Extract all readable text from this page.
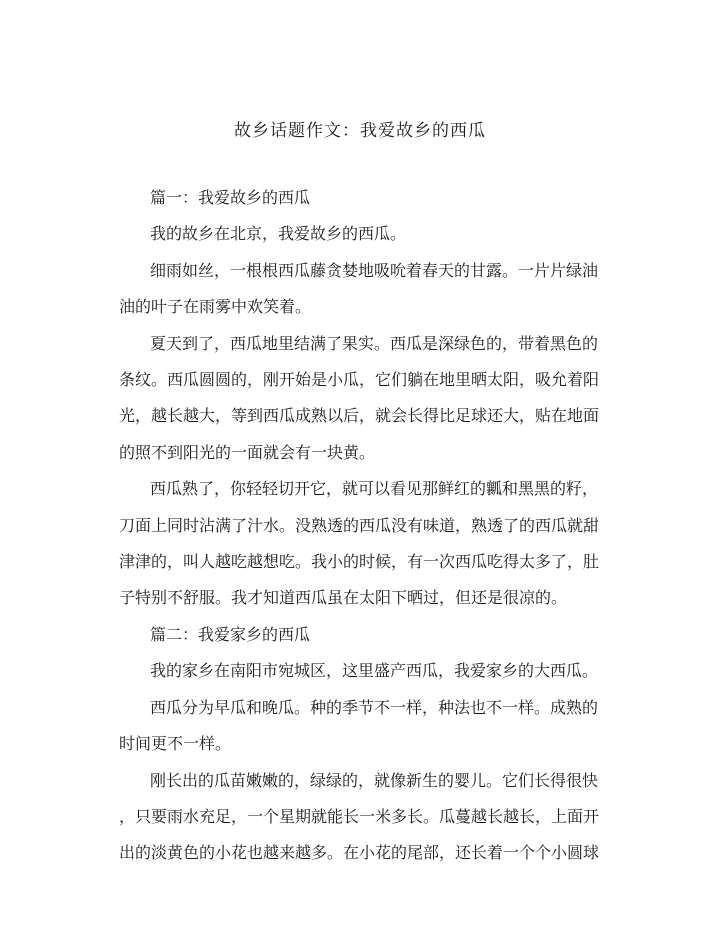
故乡话题作文：我爱故乡的西瓜

篇一：我爱故乡的西瓜

我的故乡在北京，我爱故乡的西瓜。

细雨如丝，一根根西瓜藤贪婪地吸吮着春天的甘露。一片片绿油
油的叶子在雨雾中欢笑着。

夏天到了，西瓜地里结满了果实。西瓜是深绿色的，带着黑色的
条纹。西瓜圆圆的，刚开始是小瓜，它们躺在地里晒太阳，吸允着阳
光，越长越大，等到西瓜成熟以后，就会长得比足球还大，贴在地面
的照不到阳光的一面就会有一块黄。

西瓜熟了，你轻轻切开它，就可以看见那鲜红的瓤和黑黑的籽，
刀面上同时沾满了汁水。没熟透的西瓜没有味道，熟透了的西瓜就甜
津津的，叫人越吃越想吃。我小的时候，有一次西瓜吃得太多了，肚
子特别不舒服。我才知道西瓜虽在太阳下晒过，但还是很凉的。

篇二：我爱家乡的西瓜

我的家乡在南阳市宛城区，这里盛产西瓜，我爱家乡的大西瓜。

西瓜分为早瓜和晚瓜。种的季节不一样，种法也不一样。成熟的
时间更不一样。

刚长出的瓜苗嫩嫩的，绿绿的，就像新生的婴儿。它们长得很快
，只要雨水充足，一个星期就能长一米多长。瓜蔓越长越长，上面开
出的淡黄色的小花也越来越多。在小花的尾部，还长着一个个小圆球
